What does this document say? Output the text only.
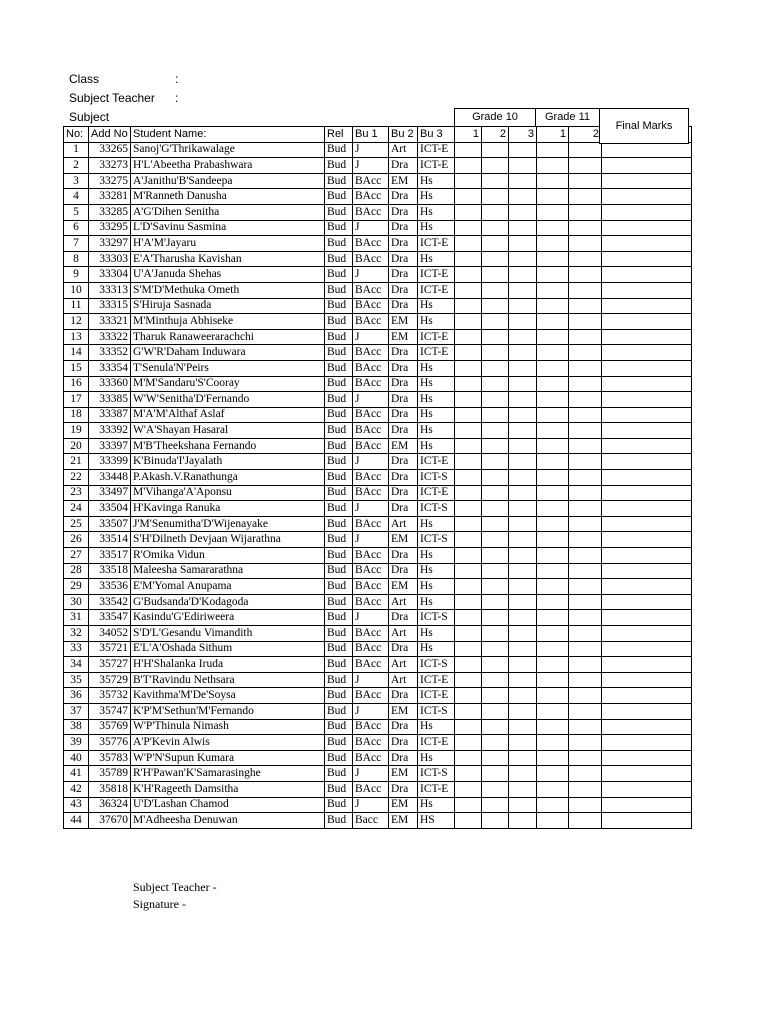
Class	:
Subject Teacher :
Subject	Grade 10	Grade 11
No:	Add No	Student Name:	Rel	Bu 1	Bu 2	Bu 3	1	2	3	1	2	
1	33265	Sanoj'G'Thrikawalage	Bud	J	Art	ICT-E						
2	33273	H'L'Abeetha Prabashwara	Bud	J	Dra	ICT-E						
3	33275	A'Janithu'B'Sandeepa	Bud	BAcc	EM	Hs						
4	33281	M'Ranneth Danusha	Bud	BAcc	Dra	Hs						
5	33285	A'G'Dihen Senitha	Bud	BAcc	Dra	Hs						
6	33295	L'D'Savinu Sasmina	Bud	J	Dra	Hs						
7	33297	H'A'M'Jayaru	Bud	BAcc	Dra	ICT-E						
8	33303	E'A'Tharusha Kavishan	Bud	BAcc	Dra	Hs						
9	33304	U'A'Januda Shehas	Bud	J	Dra	ICT-E						
10	33313	S'M'D'Methuka Ometh	Bud	BAcc	Dra	ICT-E						
11	33315	S'Hiruja Sasnada	Bud	BAcc	Dra	Hs						
12	33321	M'Minthuja Abhiseke	Bud	BAcc	EM	Hs						
13	33322	Tharuk Ranaweerarachchi	Bud	J	EM	ICT-E						
14	33352	G'W'R'Daham Induwara	Bud	BAcc	Dra	ICT-E						
15	33354	T'Senula'N'Peirs	Bud	BAcc	Dra	Hs						
16	33360	M'M'Sandaru'S'Cooray	Bud	BAcc	Dra	Hs						
17	33385	W'W'Senitha'D'Fernando	Bud	J	Dra	Hs						
18	33387	M'A'M'Althaf Aslaf	Bud	BAcc	Dra	Hs						
19	33392	W'A'Shayan Hasaral	Bud	BAcc	Dra	Hs						
20	33397	M'B'Theekshana Fernando	Bud	BAcc	EM	Hs						
21	33399	K'Binuda'I'Jayalath	Bud	J	Dra	ICT-E						
22	33448	P.Akash.V.Ranathunga	Bud	BAcc	Dra	ICT-S						
23	33497	M'Vihanga'A'Aponsu	Bud	BAcc	Dra	ICT-E						
24	33504	H'Kavinga Ranuka	Bud	J	Dra	ICT-S						
25	33507	J'M'Senumitha'D'Wijenayake	Bud	BAcc	Art	Hs						
26	33514	S'H'Dilneth Devjaan Wijarathna	Bud	J	EM	ICT-S						
27	33517	R'Omika Vidun	Bud	BAcc	Dra	Hs						
28	33518	Maleesha Samararathna	Bud	BAcc	Dra	Hs						
29	33536	E'M'Yomal Anupama	Bud	BAcc	EM	Hs						
30	33542	G'Budsanda'D'Kodagoda	Bud	BAcc	Art	Hs						
31	33547	Kasindu'G'Ediriweera	Bud	J	Dra	ICT-S						
32	34052	S'D'L'Gesandu Vimandith	Bud	BAcc	Art	Hs						
33	35721	E'L'A'Oshada Sithum	Bud	BAcc	Dra	Hs						
34	35727	H'H'Shalanka Iruda	Bud	BAcc	Art	ICT-S						
35	35729	B'T'Ravindu Nethsara	Bud	J	Art	ICT-E						
36	35732	Kavithma'M'De'Soysa	Bud	BAcc	Dra	ICT-E						
37	35747	K'P'M'Sethun'M'Fernando	Bud	J	EM	ICT-S						
38	35769	W'P'Thinula Nimash	Bud	BAcc	Dra	Hs						
39	35776	A'P'Kevin Alwis	Bud	BAcc	Dra	ICT-E						
40	35783	W'P'N'Supun Kumara	Bud	BAcc	Dra	Hs						
41	35789	R'H'Pawan'K'Samarasinghe	Bud	J	EM	ICT-S						
42	35818	K'H'Rageeth Damsitha	Bud	BAcc	Dra	ICT-E						
43	36324	U'D'Lashan Chamod	Bud	J	EM	Hs						
44	37670	M'Adheesha Denuwan	Bud	Bacc	EM	HS						
Final Marks
Subject Teacher -
Signature -
